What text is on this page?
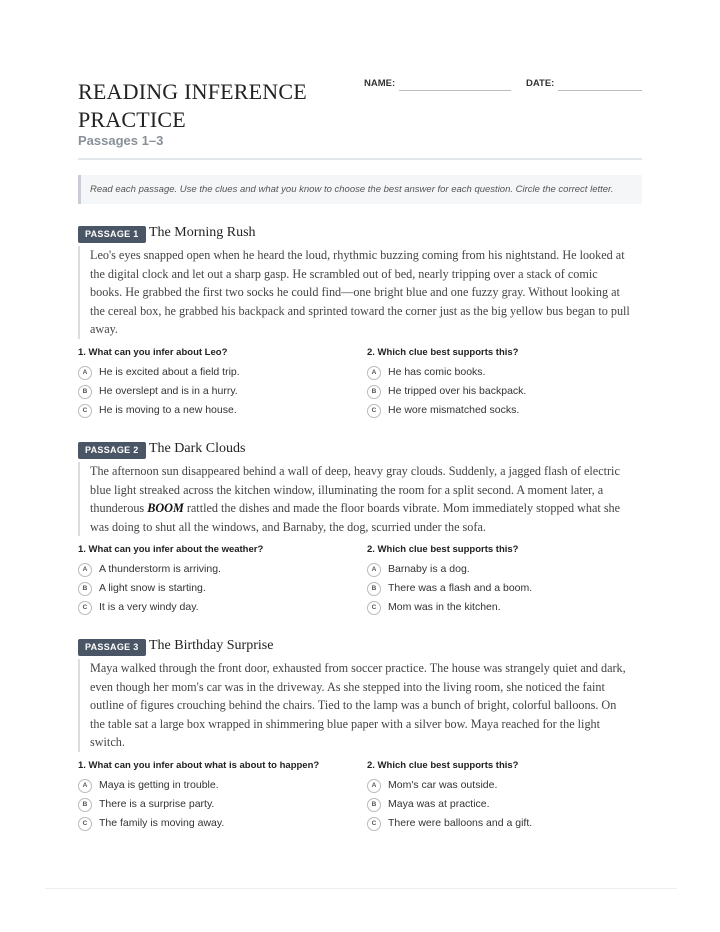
READING INFERENCE PRACTICE
Passages 1–3
NAME:	DATE:
Read each passage. Use the clues and what you know to choose the best answer for each question. Circle the correct letter.
PASSAGE 1 The Morning Rush
Leo's eyes snapped open when he heard the loud, rhythmic buzzing coming from his nightstand. He looked at the digital clock and let out a sharp gasp. He scrambled out of bed, nearly tripping over a stack of comic books. He grabbed the first two socks he could find—one bright blue and one fuzzy gray. Without looking at the cereal box, he grabbed his backpack and sprinted toward the corner just as the big yellow bus began to pull away.
1. What can you infer about Leo?
A	He is excited about a field trip.
B	He overslept and is in a hurry.
C	He is moving to a new house.
2. Which clue best supports this?
A	He has comic books.
B	He tripped over his backpack.
C	He wore mismatched socks.
PASSAGE 2 The Dark Clouds
The afternoon sun disappeared behind a wall of deep, heavy gray clouds. Suddenly, a jagged flash of electric blue light streaked across the kitchen window, illuminating the room for a split second. A moment later, a thunderous BOOM rattled the dishes and made the floor boards vibrate. Mom immediately stopped what she was doing to shut all the windows, and Barnaby, the dog, scurried under the sofa.
1. What can you infer about the weather?
A	A thunderstorm is arriving.
B	A light snow is starting.
C	It is a very windy day.
2. Which clue best supports this?
A	Barnaby is a dog.
B	There was a flash and a boom.
C	Mom was in the kitchen.
PASSAGE 3 The Birthday Surprise
Maya walked through the front door, exhausted from soccer practice. The house was strangely quiet and dark, even though her mom's car was in the driveway. As she stepped into the living room, she noticed the faint outline of figures crouching behind the chairs. Tied to the lamp was a bunch of bright, colorful balloons. On the table sat a large box wrapped in shimmering blue paper with a silver bow. Maya reached for the light switch.
1. What can you infer about what is about to happen?
A	Maya is getting in trouble.
B	There is a surprise party.
C	The family is moving away.
2. Which clue best supports this?
A	Mom's car was outside.
B	Maya was at practice.
C	There were balloons and a gift.
